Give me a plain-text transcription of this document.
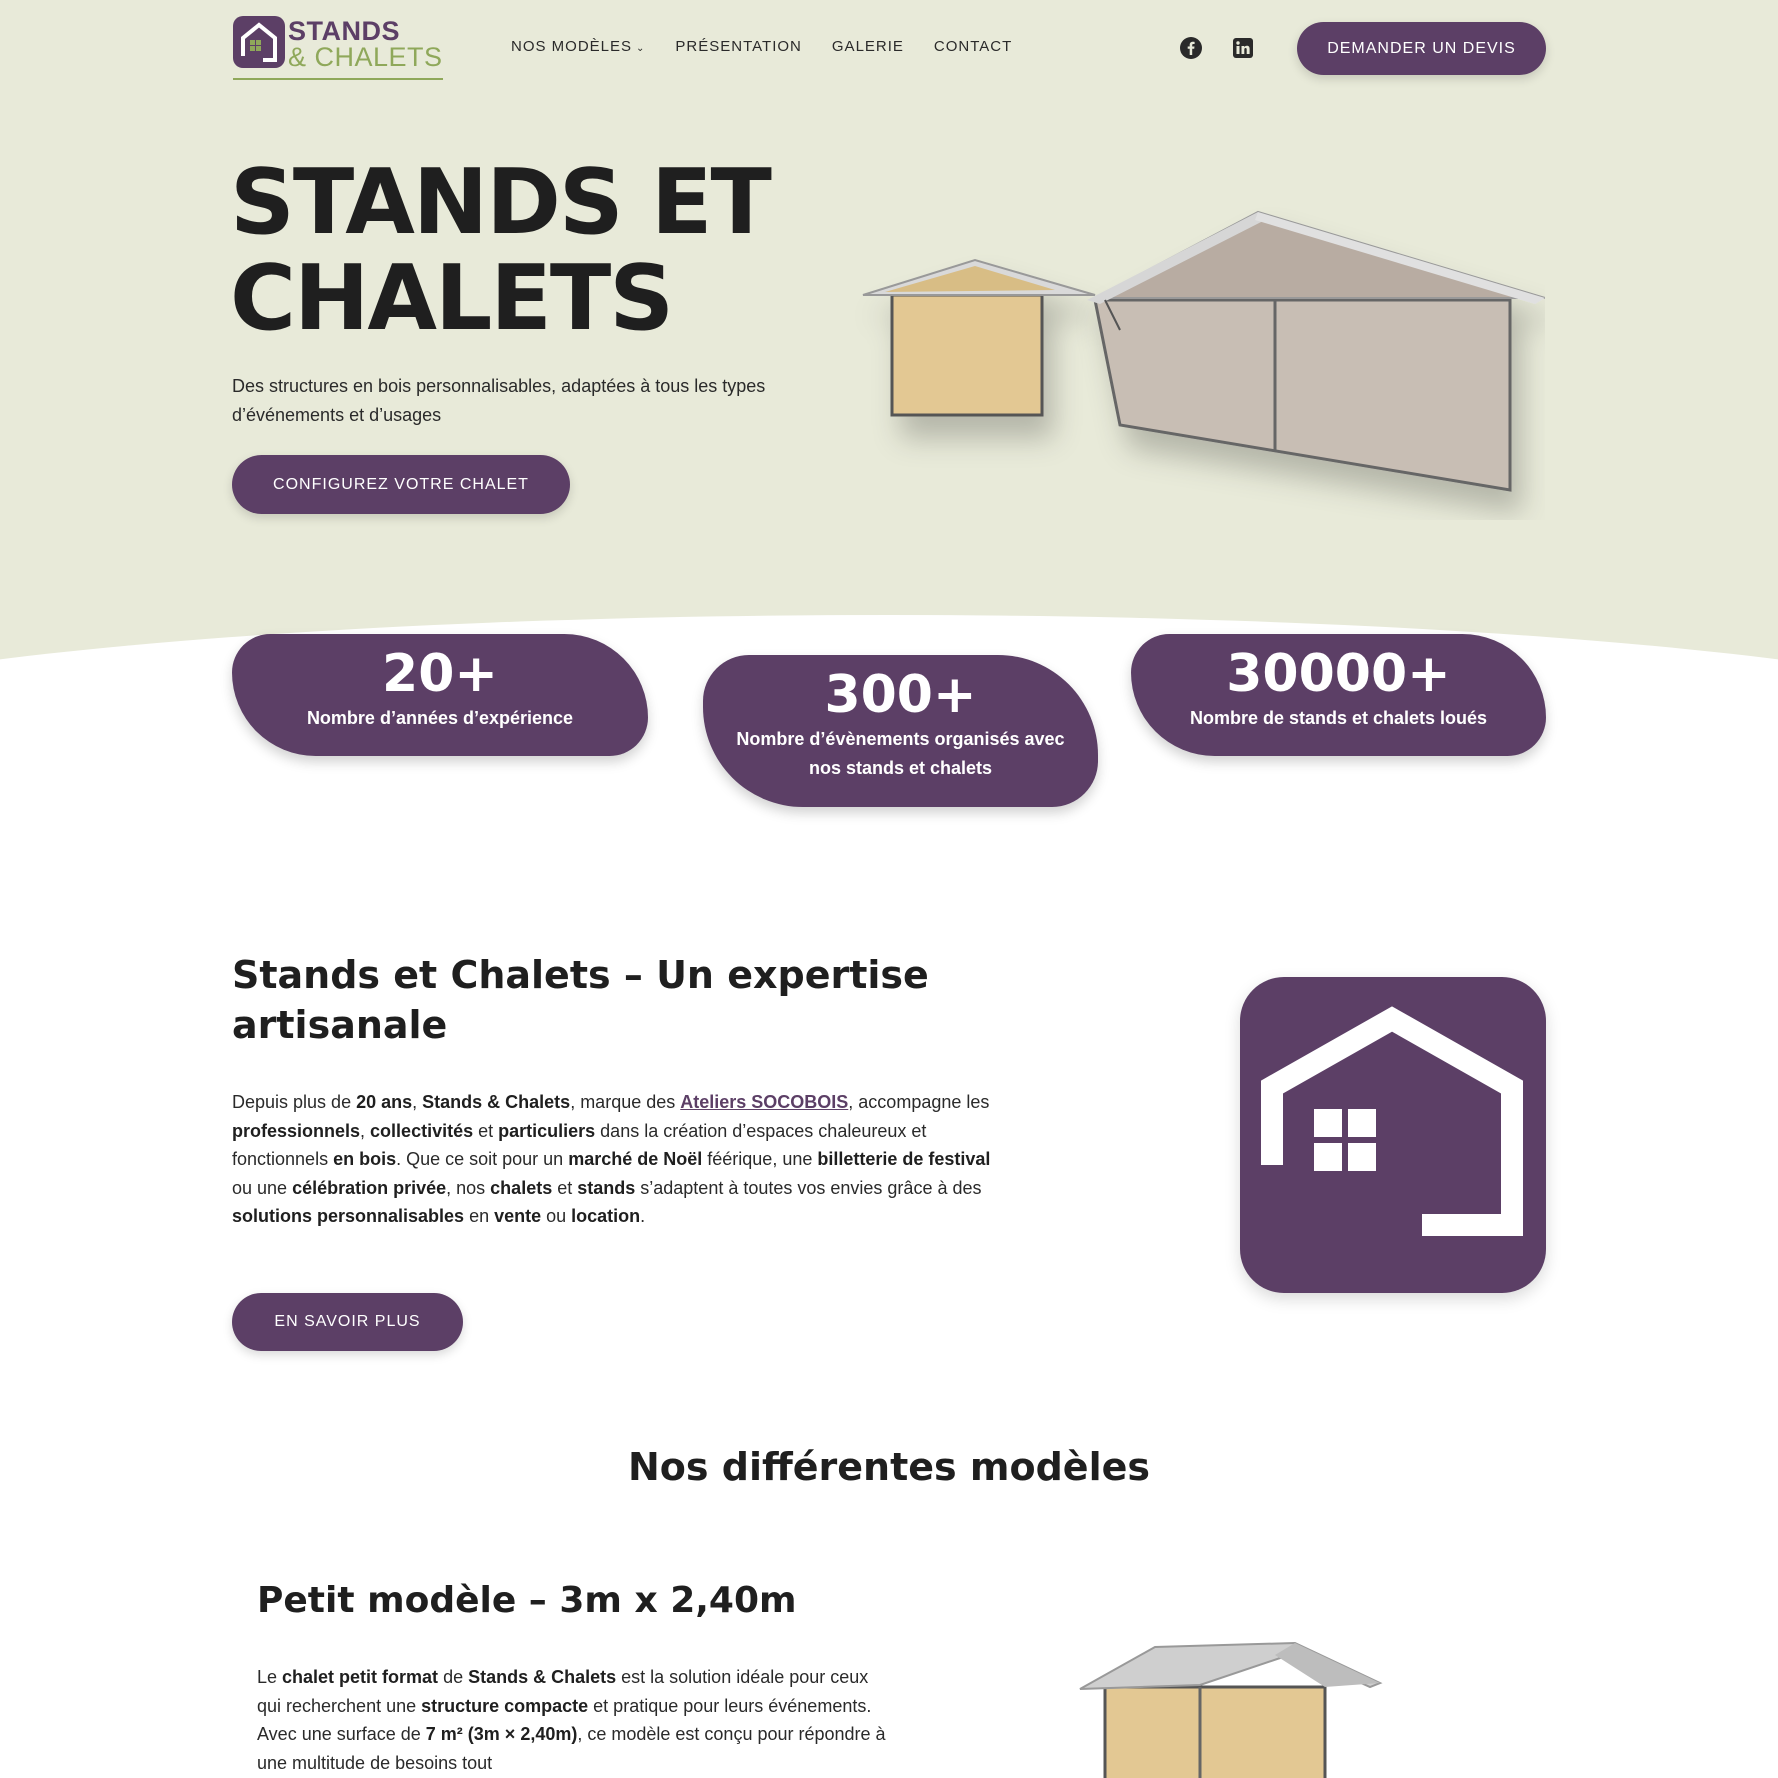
STANDS
& CHALETS	NOS MODÈLES ⌄ PRÉSENTATION GALERIE CONTACT	DEMANDER UN DEVIS
STANDS ET
CHALETS

Des structures en bois personnalisables, adaptées à tous les types d’événements et d’usages

CONFIGUREZ VOTRE CHALET
20+
Nombre d’années d’expérience	300+
Nombre d’évènements organisés avec
nos stands et chalets
30000+
Nombre de stands et chalets loués
Stands et Chalets – Un expertise
artisanale

Depuis plus de 20 ans, Stands & Chalets, marque des Ateliers SOCOBOIS, accompagne les professionnels, collectivités et particuliers dans la création d’espaces chaleureux et fonctionnels en bois. Que ce soit pour un marché de Noël féérique, une billetterie de festival ou une célébration privée, nos chalets et stands s’adaptent à toutes vos envies grâce à des solutions personnalisables en vente ou location.

EN SAVOIR PLUS
Nos différentes modèles
Petit modèle – 3m x 2,40m

Le chalet petit format de Stands & Chalets est la solution idéale pour ceux qui recherchent une structure compacte et pratique pour leurs événements. Avec une surface de 7 m² (3m × 2,40m), ce modèle est conçu pour répondre à une multitude de besoins tout
